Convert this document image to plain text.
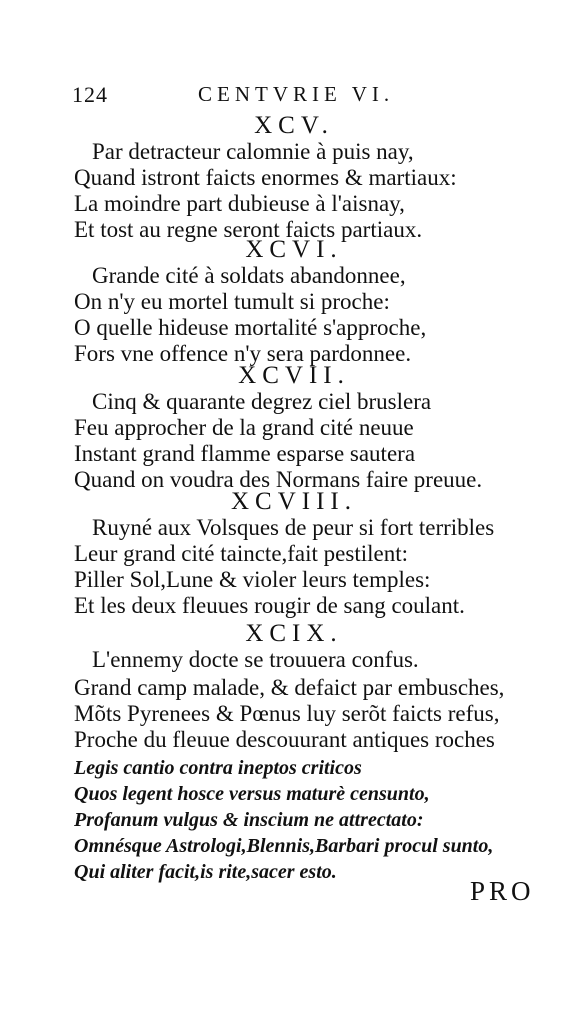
124	CENTVRIE VI.
XCV.
Par detracteur calomnie à puis nay,
Quand istront faicts enormes & martiaux:
La moindre part dubieuse à l'aisnay,
Et tost au regne seront faicts partiaux.
XCVI.
Grande cité à soldats abandonnee,
On n'y eu mortel tumult si proche:
O quelle hideuse mortalité s'approche,
Fors vne offence n'y sera pardonnee.
XCVII.
Cinq & quarante degrez ciel bruslera
Feu approcher de la grand cité neuue
Instant grand flamme esparse sautera
Quand on voudra des Normans faire preuue.
XCVIII.
Ruyné aux Volsques de peur si fort terribles
Leur grand cité taincte,fait pestilent:
Piller Sol,Lune & violer leurs temples:
Et les deux fleuues rougir de sang coulant.
XCIX.
L'ennemy docte se trouuera confus.
Grand camp malade, & defaict par embusches,
Mõts Pyrenees & Pœnus luy serõt faicts refus,
Proche du fleuue descouurant antiques roches
Legis cantio contra ineptos criticos
Quos legent hosce versus maturè censunto,
Profanum vulgus & inscium ne attrectato:
Omnésque Astrologi,Blennis,Barbari procul sunto,
Qui aliter facit,is rite,sacer esto.
PRO
